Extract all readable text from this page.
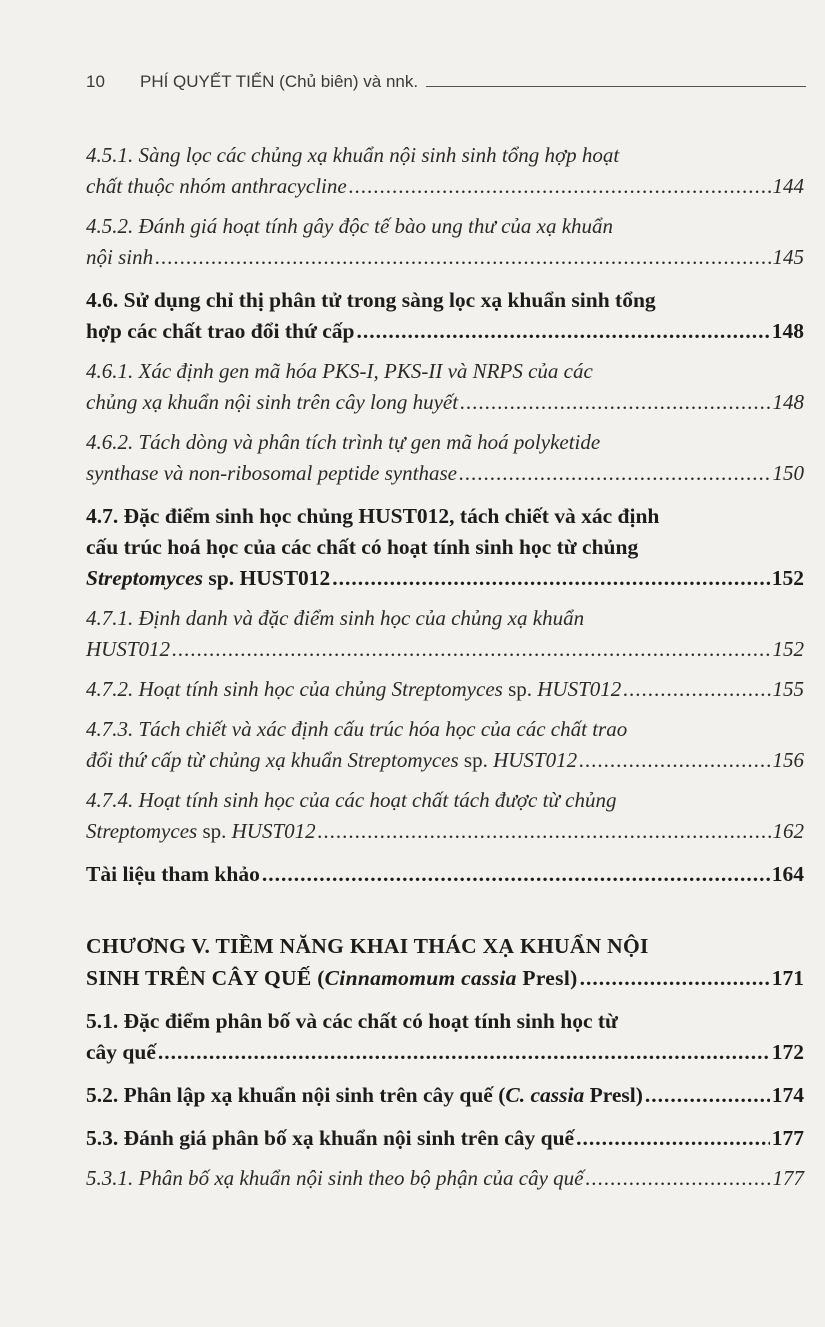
10	PHÍ QUYẾT TIẾN (Chủ biên) và nnk.
4.5.1. Sàng lọc các chủng xạ khuẩn nội sinh sinh tổng hợp hoạt
chất thuộc nhóm anthracycline .....	144
4.5.2. Đánh giá hoạt tính gây độc tế bào ung thư của xạ khuẩn
nội sinh .....	145
4.6. Sử dụng chỉ thị phân tử trong sàng lọc xạ khuẩn sinh tổng
hợp các chất trao đổi thứ cấp .....	148
4.6.1. Xác định gen mã hóa PKS-I, PKS-II và NRPS của các
chủng xạ khuẩn nội sinh trên cây long huyết .....	148
4.6.2. Tách dòng và phân tích trình tự gen mã hoá polyketide
synthase và non-ribosomal peptide synthase .....	150
4.7. Đặc điểm sinh học chủng HUST012, tách chiết và xác định
cấu trúc hoá học của các chất có hoạt tính sinh học từ chủng
Streptomyces sp. HUST012 .....	152
4.7.1. Định danh và đặc điểm sinh học của chủng xạ khuẩn
HUST012 .....	152
4.7.2. Hoạt tính sinh học của chủng Streptomyces sp. HUST012 .....	155
4.7.3. Tách chiết và xác định cấu trúc hóa học của các chất trao
đổi thứ cấp từ chủng xạ khuẩn Streptomyces sp. HUST012 .....	156
4.7.4. Hoạt tính sinh học của các hoạt chất tách được từ chủng
Streptomyces sp. HUST012 .....	162
Tài liệu tham khảo .....	164
CHƯƠNG V. TIỀM NĂNG KHAI THÁC XẠ KHUẨN NỘI
SINH TRÊN CÂY QUẾ (Cinnamomum cassia Presl) .....	171
5.1. Đặc điểm phân bố và các chất có hoạt tính sinh học từ
cây quế .....	172
5.2. Phân lập xạ khuẩn nội sinh trên cây quế (C. cassia Presl) .....	174
5.3. Đánh giá phân bố xạ khuẩn nội sinh trên cây quế .....	177
5.3.1. Phân bố xạ khuẩn nội sinh theo bộ phận của cây quế .....	177
